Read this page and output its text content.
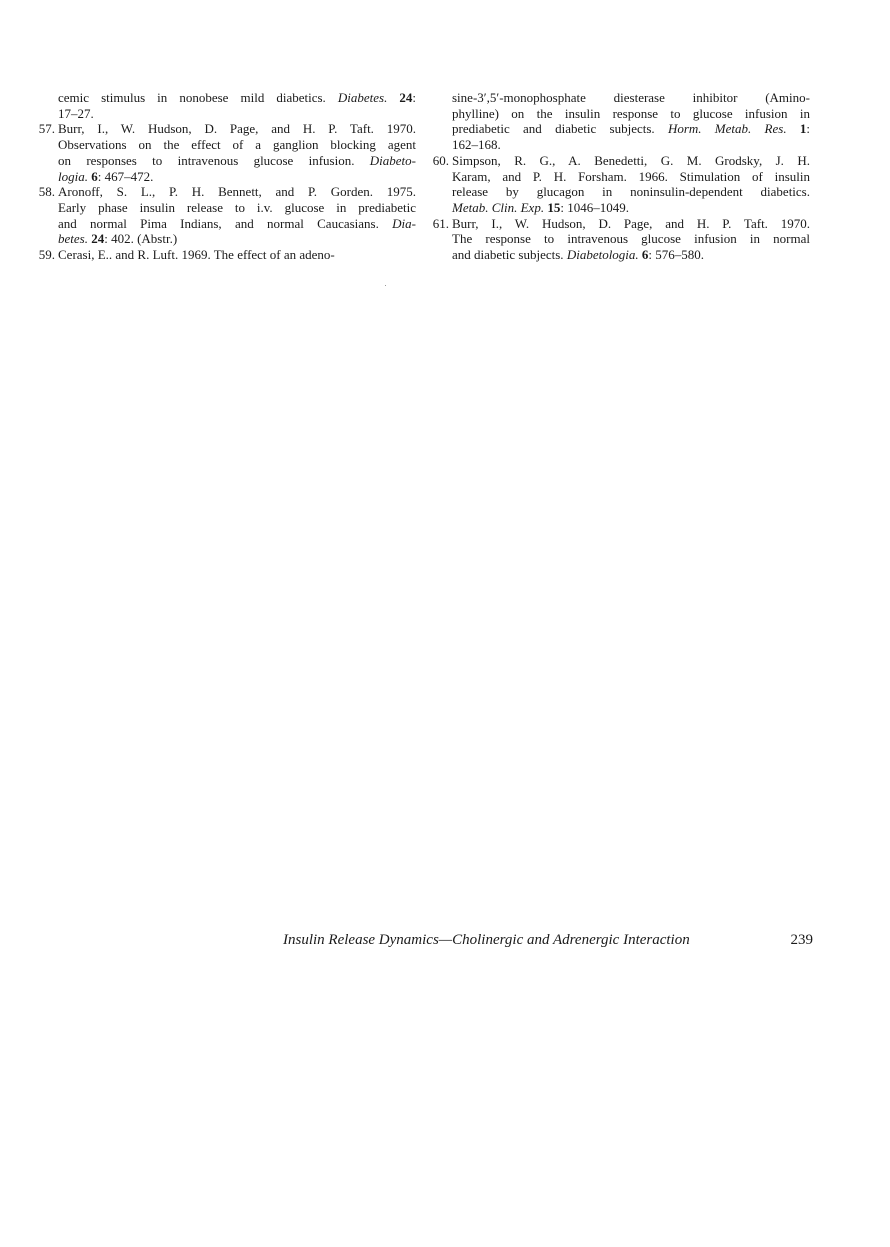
cemic stimulus in nonobese mild diabetics. Diabetes. 24:
17–27.
57. Burr, I., W. Hudson, D. Page, and H. P. Taft. 1970.
Observations on the effect of a ganglion blocking agent
on responses to intravenous glucose infusion. Diabeto-
logia. 6: 467–472.
58. Aronoff, S. L., P. H. Bennett, and P. Gorden. 1975.
Early phase insulin release to i.v. glucose in prediabetic
and normal Pima Indians, and normal Caucasians. Dia-
betes. 24: 402. (Abstr.)
59. Cerasi, E.. and R. Luft. 1969. The effect of an adeno-
sine-3′,5′-monophosphate diesterase inhibitor (Amino-
phylline) on the insulin response to glucose infusion in
prediabetic and diabetic subjects. Horm. Metab. Res. 1:
162–168.
60. Simpson, R. G., A. Benedetti, G. M. Grodsky, J. H.
Karam, and P. H. Forsham. 1966. Stimulation of insulin
release by glucagon in noninsulin-dependent diabetics.
Metab. Clin. Exp. 15: 1046–1049.
61. Burr, I., W. Hudson, D. Page, and H. P. Taft. 1970.
The response to intravenous glucose infusion in normal
and diabetic subjects. Diabetologia. 6: 576–580.
Insulin Release Dynamics—Cholinergic and Adrenergic Interaction	239
